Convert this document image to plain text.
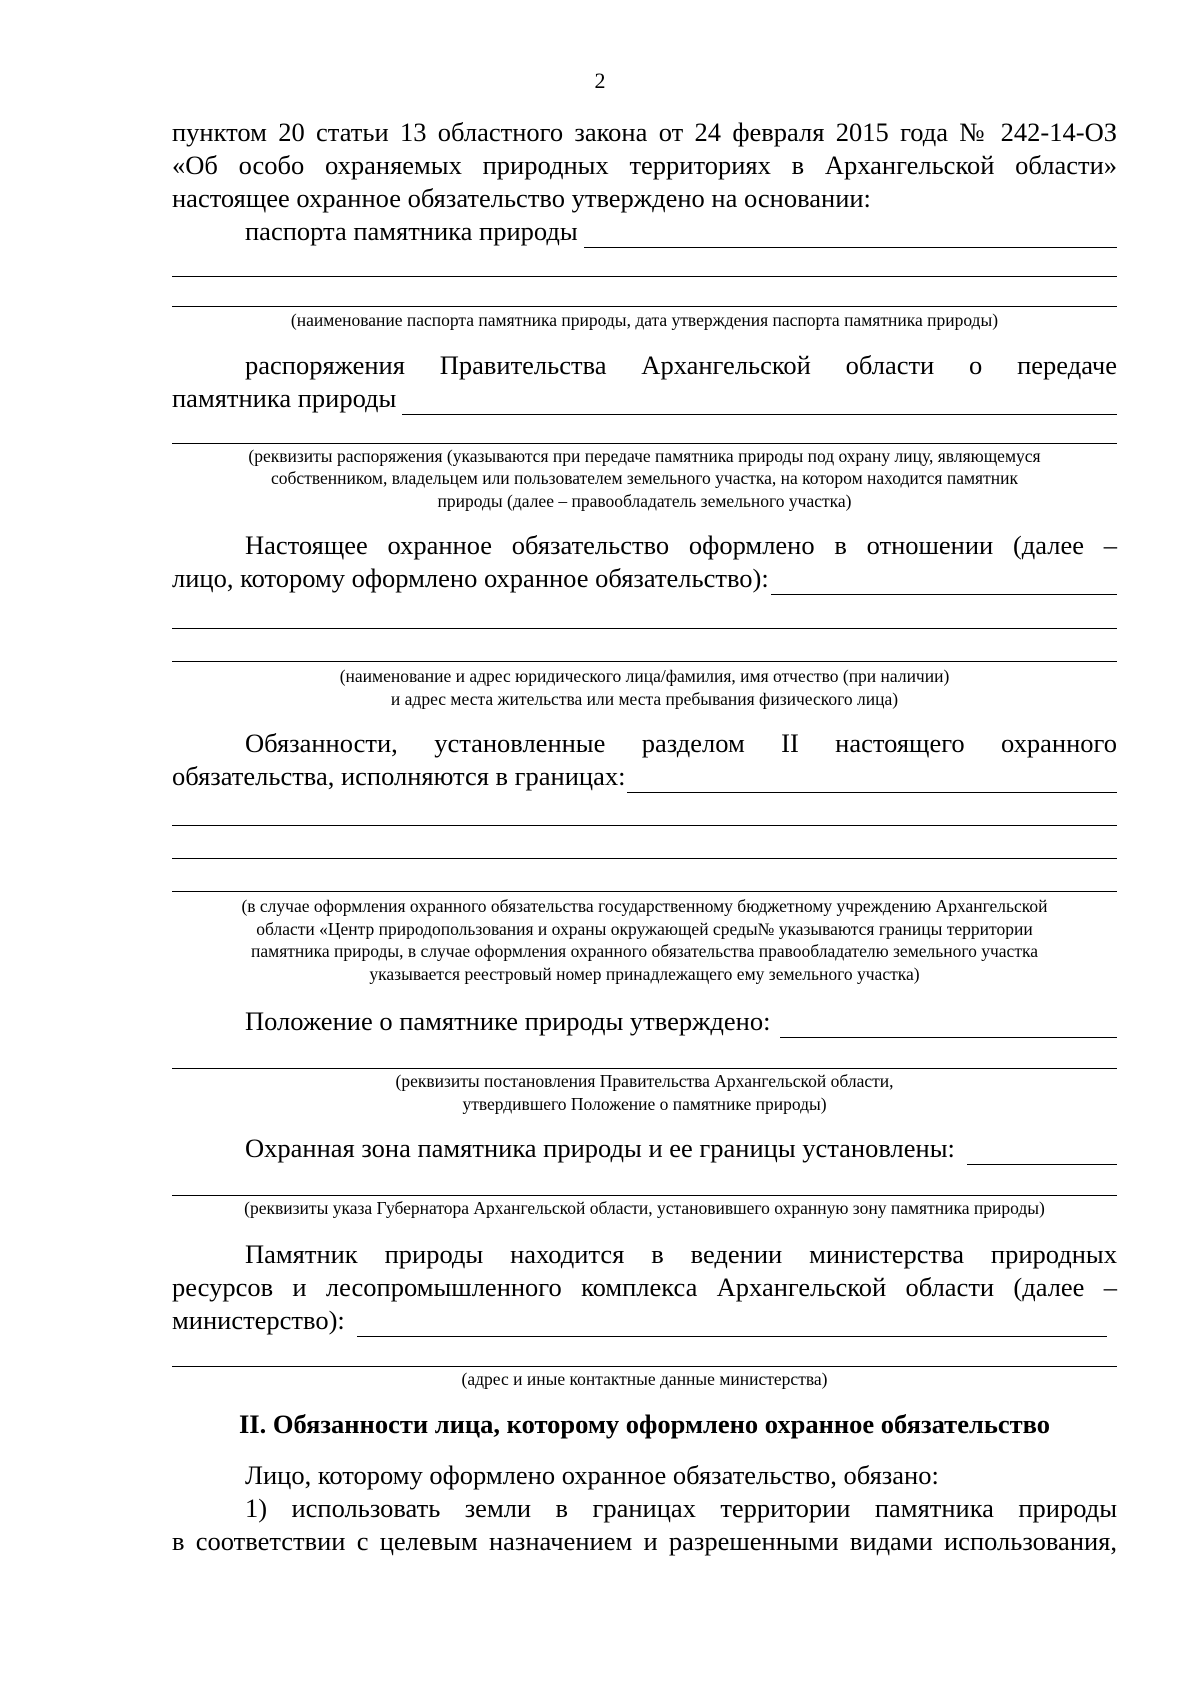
2
пунктом 20 статьи 13 областного закона от 24 февраля 2015 года № 242-14-ОЗ
«Об особо охраняемых природных территориях в Архангельской области»
настоящее охранное обязательство утверждено на основании:
паспорта памятника природы
(наименование паспорта памятника природы, дата утверждения паспорта памятника природы)
распоряжения Правительства Архангельской области о передаче
памятника природы
(реквизиты распоряжения (указываются при передаче памятника природы под охрану лицу, являющемуся
собственником, владельцем или пользователем земельного участка, на котором находится памятник
природы (далее – правообладатель земельного участка)
Настоящее охранное обязательство оформлено в отношении (далее –
лицо, которому оформлено охранное обязательство):
(наименование и адрес юридического лица/фамилия, имя отчество (при наличии)
и адрес места жительства или места пребывания физического лица)
Обязанности, установленные разделом II настоящего охранного
обязательства, исполняются в границах:
(в случае оформления охранного обязательства государственному бюджетному учреждению Архангельской
области «Центр природопользования и охраны окружающей среды№ указываются границы территории
памятника природы, в случае оформления охранного обязательства правообладателю земельного участка
указывается реестровый номер принадлежащего ему земельного участка)
Положение о памятнике природы утверждено:
(реквизиты постановления Правительства Архангельской области,
утвердившего Положение о памятнике природы)
Охранная зона памятника природы и ее границы установлены:
(реквизиты указа Губернатора Архангельской области, установившего охранную зону памятника природы)
Памятник природы находится в ведении министерства природных
ресурсов и лесопромышленного комплекса Архангельской области (далее –
министерство):
(адрес и иные контактные данные министерства)
II. Обязанности лица, которому оформлено охранное обязательство
Лицо, которому оформлено охранное обязательство, обязано:
1) использовать земли в границах территории памятника природы
в соответствии с целевым назначением и разрешенными видами использования,
